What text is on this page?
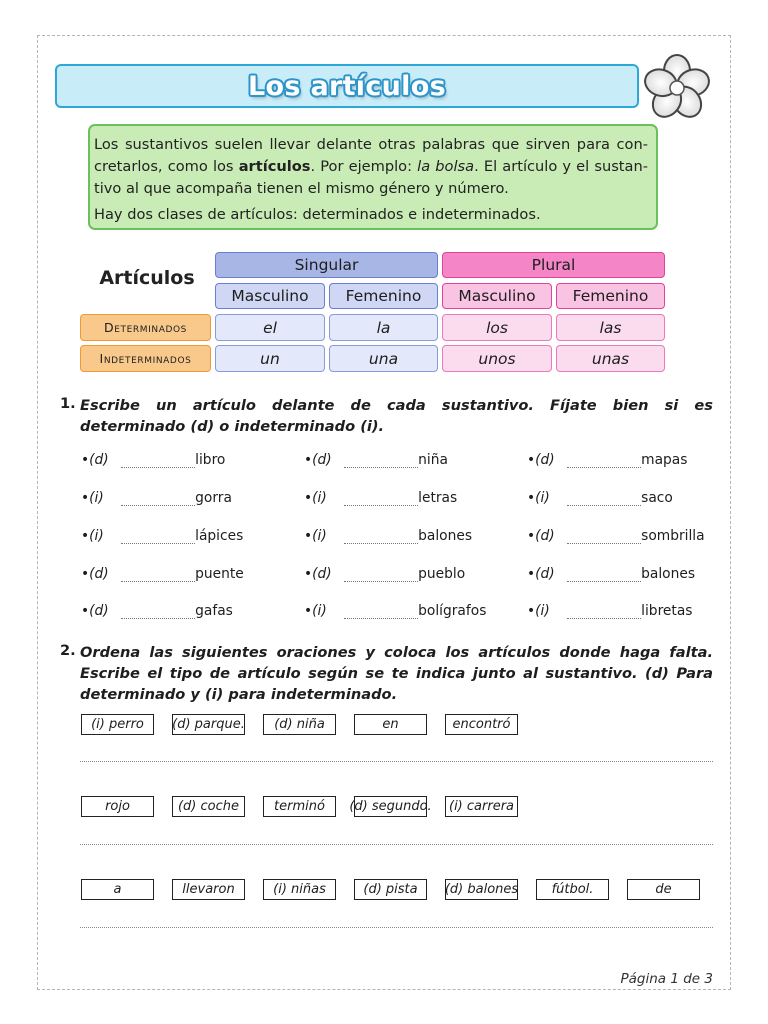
Los artículos

Los sustantivos suelen llevar delante otras palabras que sirven para concretarlos, como los artículos. Por ejemplo: la bolsa. El artículo y el sustantivo al que acompaña tienen el mismo género y número.

Hay dos clases de artículos: determinados e indeterminados.

Artículos
Singular	Plural
Masculino	Femenino	Masculino	Femenino
Determinados	el	la	los	las
Indeterminados	un	una	unos	unas
1. Escribe un artículo delante de cada sustantivo. Fíjate bien si es determinado (d) o indeterminado (i).
• (d)	libro
• (i)	gorra
• (i)	lápices
• (d)	puente
• (d)	gafas
• (d)	niña
• (i)	letras
• (i)	balones
• (d)	pueblo
• (i)	bolígrafos
• (d)	mapas
• (i)	saco
• (d)	sombrilla
• (d)	balones
• (i)	libretas
2. Ordena las siguientes oraciones y coloca los artículos donde haga falta. Escribe el tipo de artículo según se te indica junto al sustantivo. (d) Para determinado y (i) para indeterminado.
(i) perro	(d) parque.	(d) niña	en	encontró
rojo	(d) coche	terminó	(d) segundo.	(i) carrera
a	llevaron	(i) niñas	(d) pista	(d) balones	fútbol.	de
Página 1 de 3
